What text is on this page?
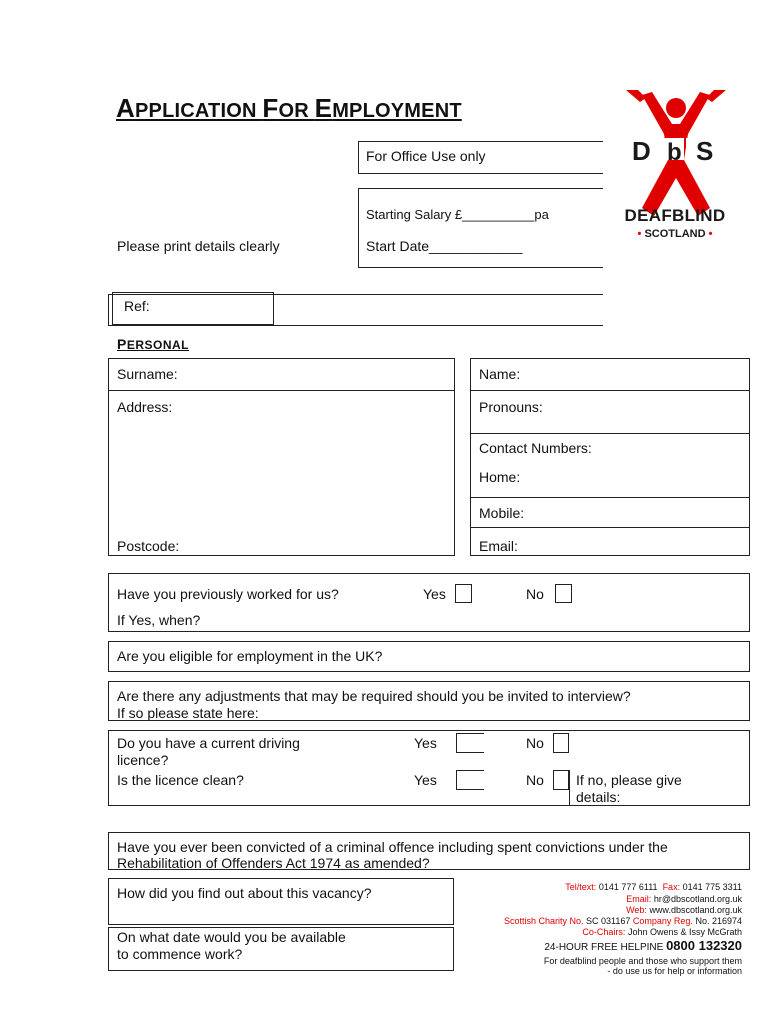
APPLICATION FOR EMPLOYMENT
For Office Use only
Starting Salary £__________pa
Start Date____________
Please print details clearly
Ref:
D b S
DEAFBLIND
• SCOTLAND •
PERSONAL
Surname:
Address:
Postcode:
Name:
Pronouns:
Contact Numbers:
Home:
Mobile:
Email:
Have you previously worked for us?	Yes	No
If Yes, when?
Are you eligible for employment in the UK?
Are there any adjustments that may be required should you be invited to interview?
If so please state here:
Do you have a current driving licence?
Yes	No
Is the licence clean?	Yes	No If no, please give details:
Have you ever been convicted of a criminal offence including spent convictions under the
Rehabilitation of Offenders Act 1974 as amended?
How did you find out about this vacancy?
On what date would you be available to commence work?
Tel/text: 0141 777 6111 Fax: 0141 775 3311
Email: hr@dbscotland.org.uk
Web: www.dbscotland.org.uk
Scottish Charity No. SC 031167 Company Reg. No. 216974
Co-Chairs: John Owens & Issy McGrath
24-HOUR FREE HELPINE 0800 132320
For deafblind people and those who support them
- do use us for help or information
